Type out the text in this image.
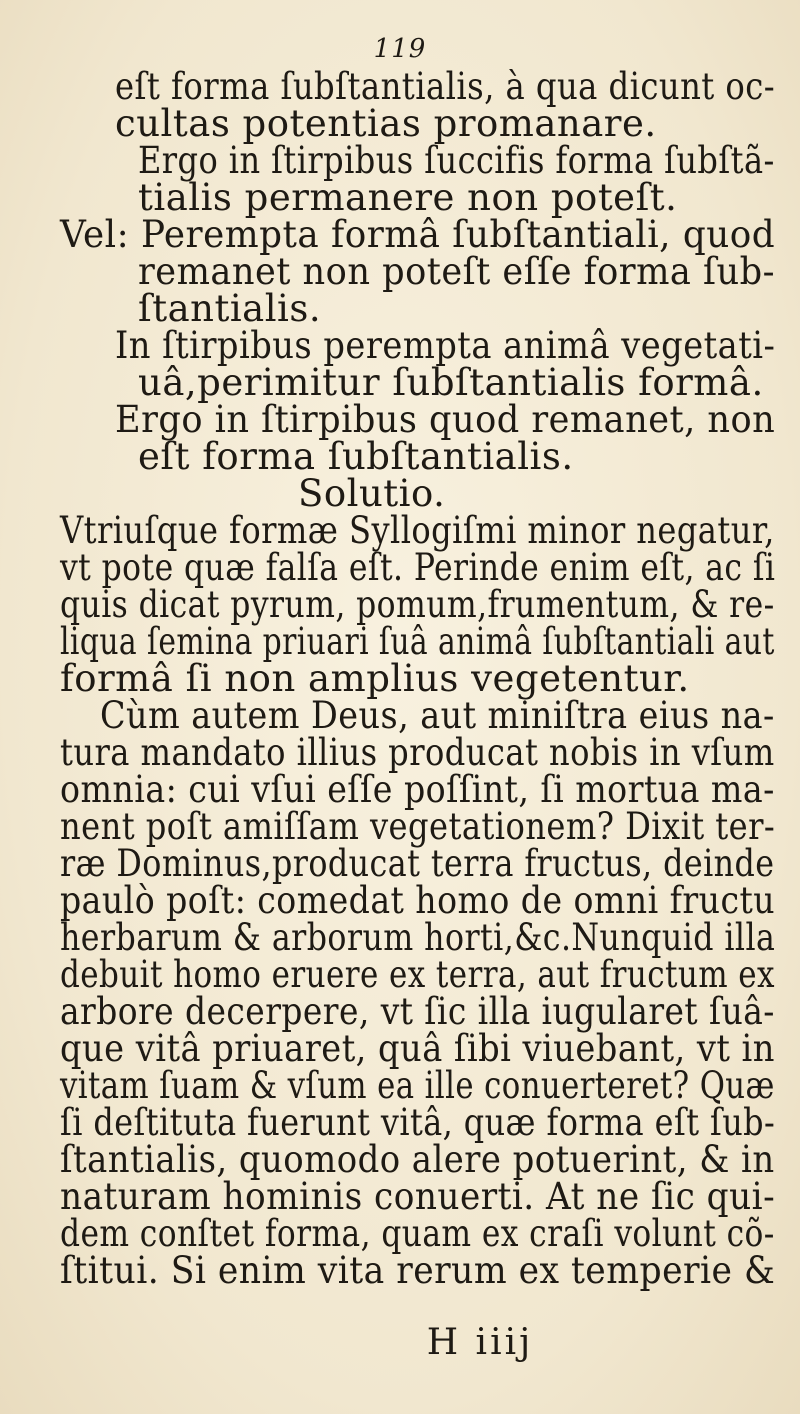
119
eſt forma ſubſtantialis, à qua dicunt oc-
cultas potentias promanare.
Ergo in ſtirpibus ſuccifis forma ſubſtã-
tialis permanere non poteſt.
Vel: Perempta formâ ſubſtantiali, quod
remanet non poteſt eſſe forma ſub-
ſtantialis.
In ſtirpibus perempta animâ vegetati-
uâ,perimitur ſubſtantialis formâ.
Ergo in ſtirpibus quod remanet, non
eſt forma ſubſtantialis.
Solutio.
Vtriuſque formæ Syllogiſmi minor negatur,
vt pote quæ falſa eſt. Perinde enim eſt, ac ſi
quis dicat pyrum, pomum,frumentum, & re-
liqua ſemina priuari ſuâ animâ ſubſtantiali aut
formâ ſi non amplius vegetentur.
Cùm autem Deus, aut miniſtra eius na-
tura mandato illius producat nobis in vſum
omnia: cui vſui eſſe poſſint, ſi mortua ma-
nent poſt amiſſam vegetationem? Dixit ter-
ræ Dominus,producat terra fructus, deinde
paulò poſt: comedat homo de omni fructu
herbarum & arborum horti,&c.Nunquid illa
debuit homo eruere ex terra, aut fructum ex
arbore decerpere, vt ſic illa iugularet ſuâ-
que vitâ priuaret, quâ ſibi viuebant, vt in
vitam ſuam & vſum ea ille conuerteret? Quæ
ſi deſtituta fuerunt vitâ, quæ forma eſt ſub-
ſtantialis, quomodo alere potuerint, & in
naturam hominis conuerti. At ne ſic qui-
dem conſtet forma, quam ex craſi volunt cõ-
ſtitui. Si enim vita rerum ex temperie &
H iiij
